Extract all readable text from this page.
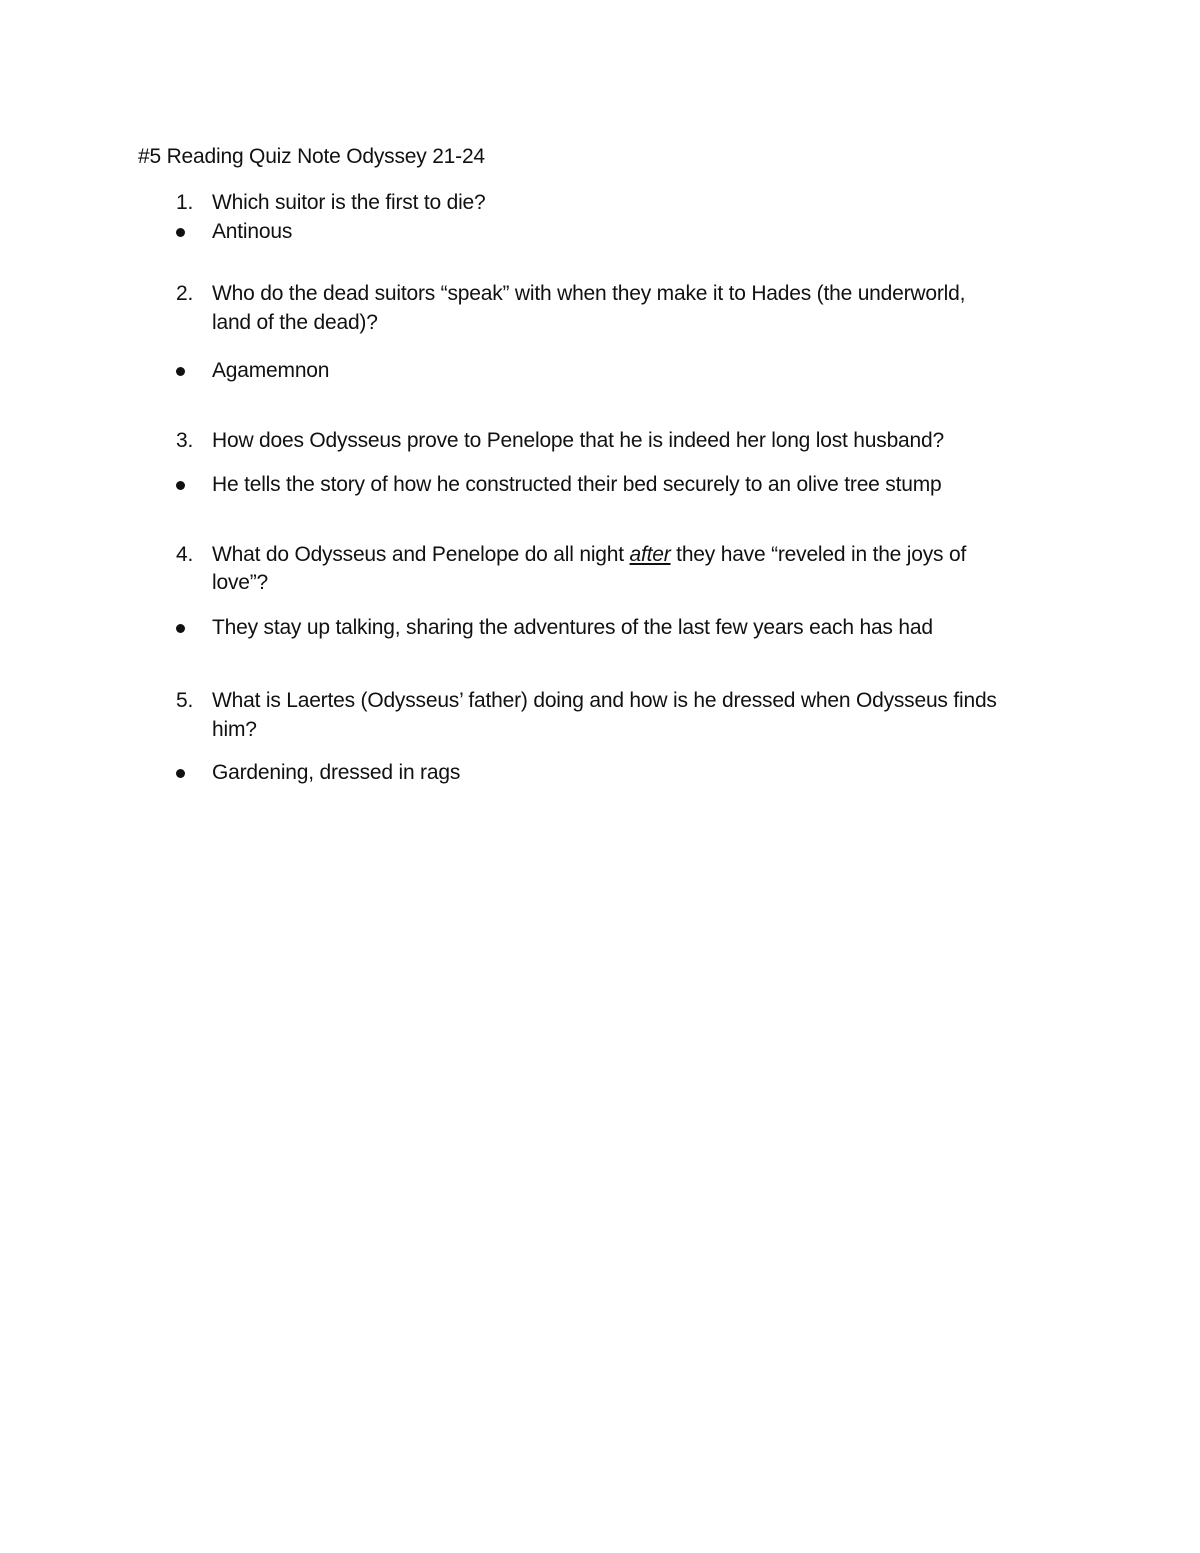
#5 Reading Quiz Note Odyssey 21-24
1. Which suitor is the first to die?
Antinous
2. Who do the dead suitors “speak” with when they make it to Hades (the underworld,
land of the dead)?
Agamemnon
3. How does Odysseus prove to Penelope that he is indeed her long lost husband?
He tells the story of how he constructed their bed securely to an olive tree stump
4. What do Odysseus and Penelope do all night after they have “reveled in the joys of
love”?
They stay up talking, sharing the adventures of the last few years each has had
5. What is Laertes (Odysseus’ father) doing and how is he dressed when Odysseus finds
him?
Gardening, dressed in rags
